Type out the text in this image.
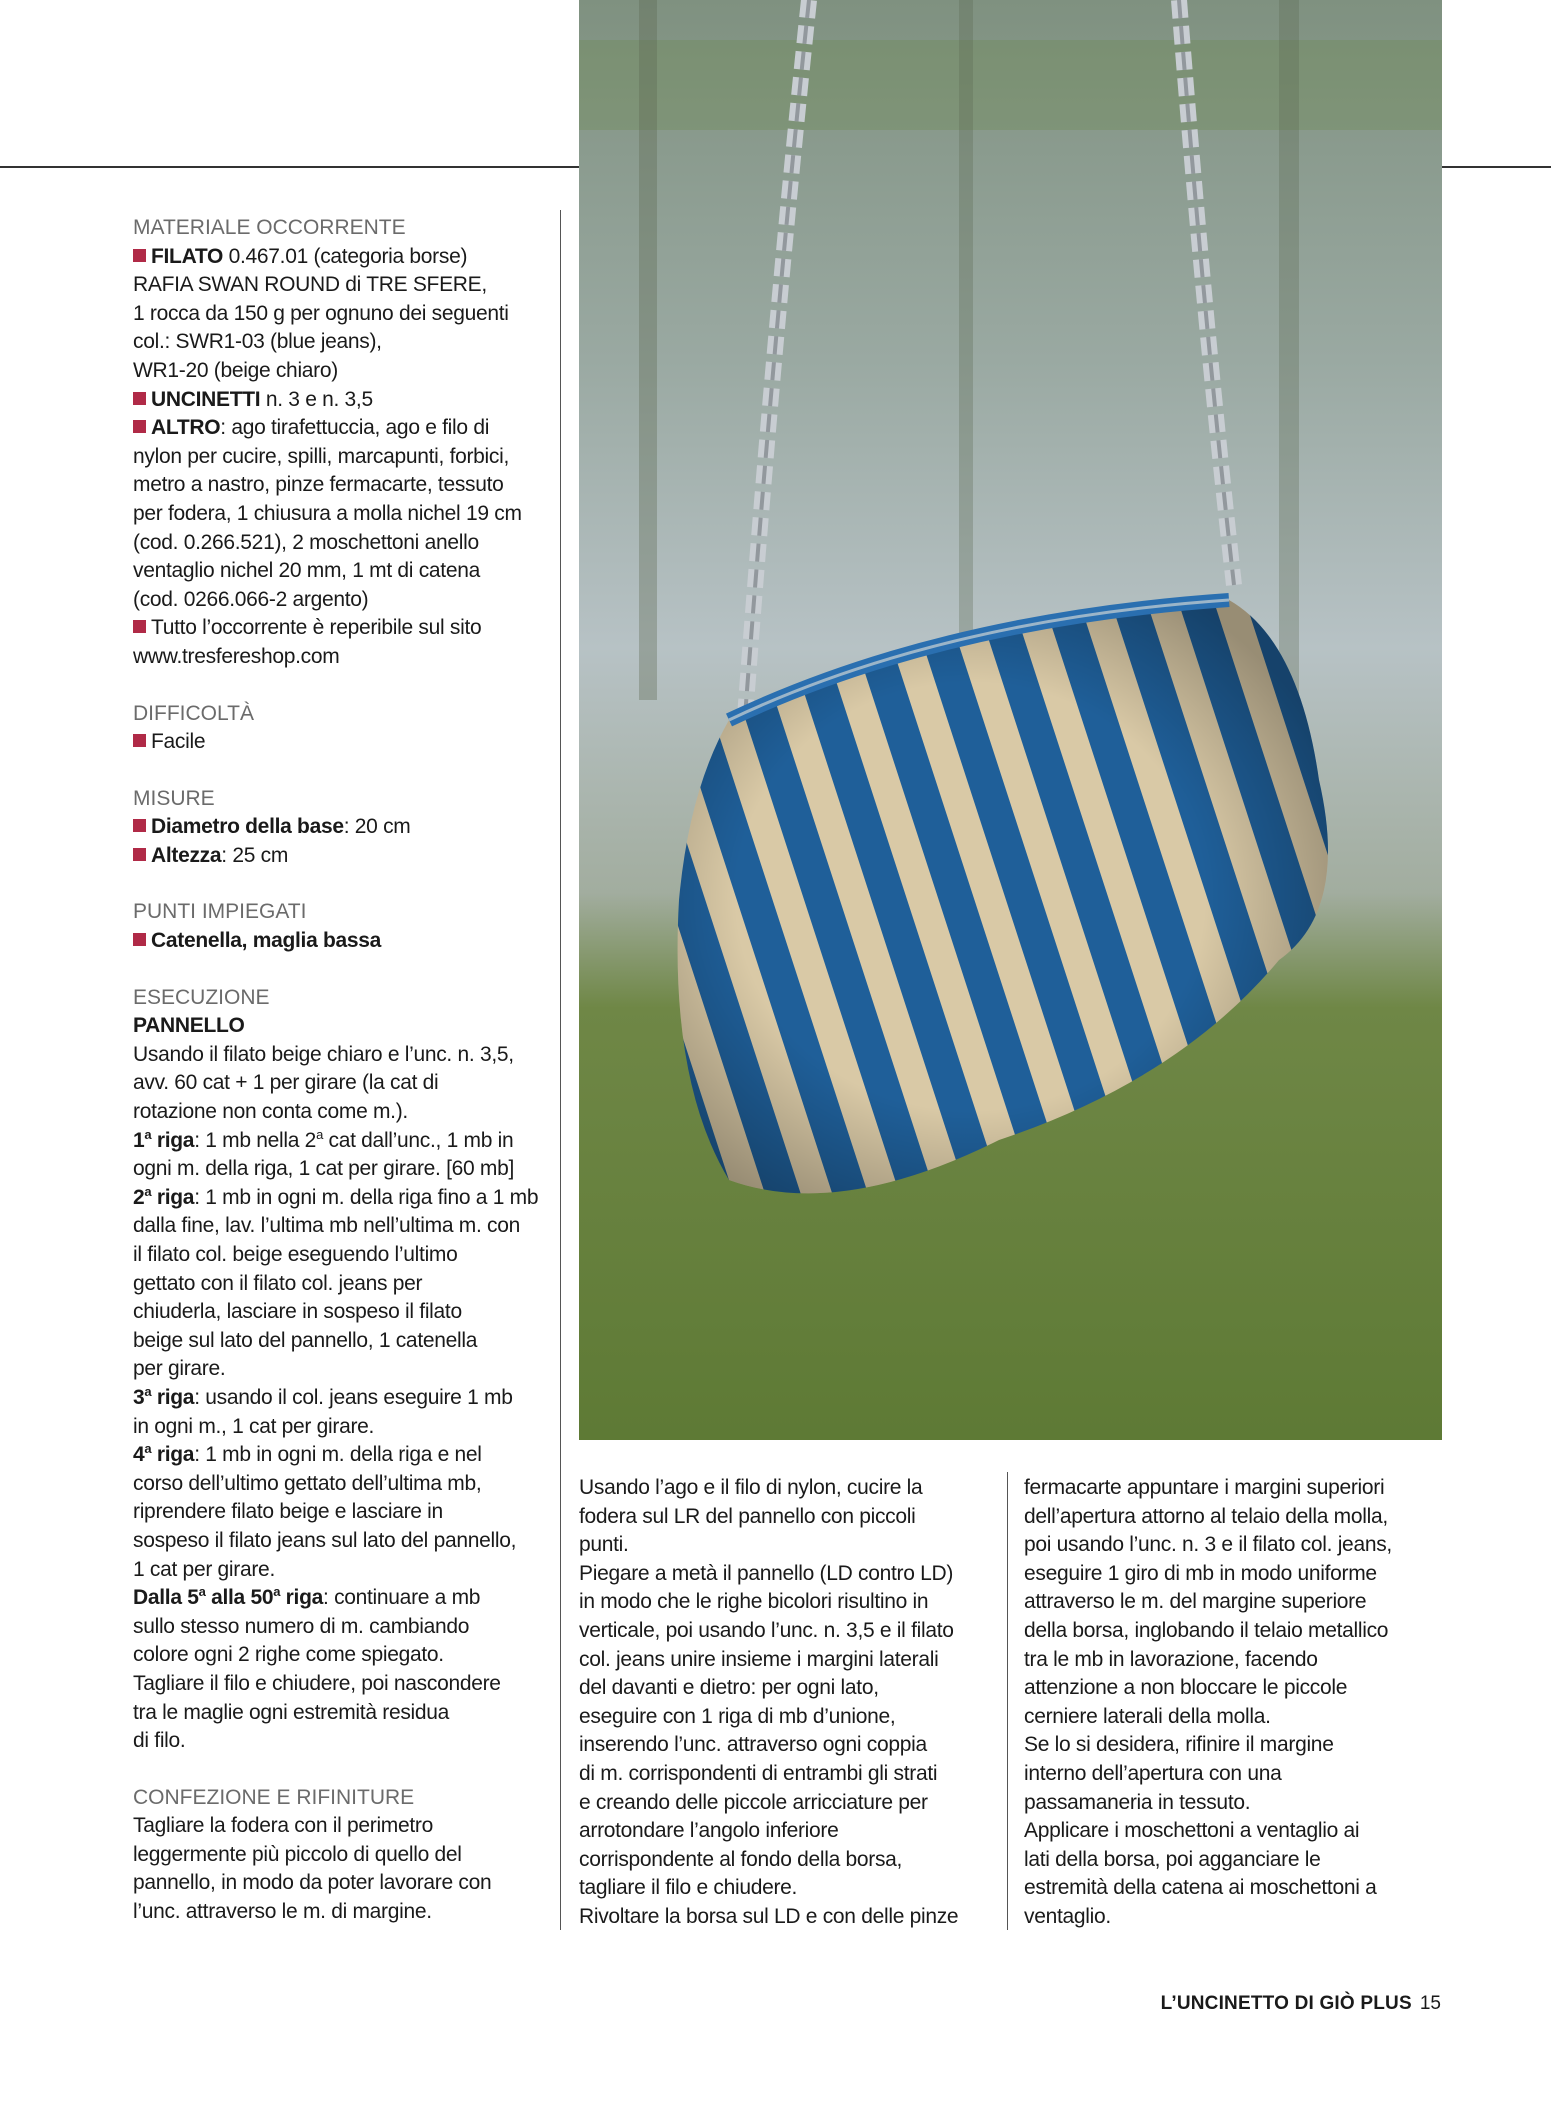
MATERIALE OCCORRENTE

FILATO 0.467.01 (categoria borse)

RAFIA SWAN ROUND di TRE SFERE,

1 rocca da 150 g per ognuno dei seguenti

col.: SWR1-03 (blue jeans),

WR1-20 (beige chiaro)

UNCINETTI n. 3 e n. 3,5

ALTRO: ago tirafettuccia, ago e filo di

nylon per cucire, spilli, marcapunti, forbici,

metro a nastro, pinze fermacarte, tessuto

per fodera, 1 chiusura a molla nichel 19 cm

(cod. 0.266.521), 2 moschettoni anello

ventaglio nichel 20 mm, 1 mt di catena

(cod. 0266.066-2 argento)

Tutto l’occorrente è reperibile sul sito

www.tresfereshop.com

DIFFICOLTÀ

Facile

MISURE

Diametro della base: 20 cm

Altezza: 25 cm

PUNTI IMPIEGATI

Catenella, maglia bassa

ESECUZIONE

PANNELLO

Usando il filato beige chiaro e l’unc. n. 3,5,

avv. 60 cat + 1 per girare (la cat di

rotazione non conta come m.).

1$^a$ riga: 1 mb nella 2$^a$ cat dall’unc., 1 mb in

ogni m. della riga, 1 cat per girare. [60 mb]

2$^a$ riga: 1 mb in ogni m. della riga fino a 1 mb

dalla fine, lav. l’ultima mb nell’ultima m. con

il filato col. beige eseguendo l’ultimo

gettato con il filato col. jeans per

chiuderla, lasciare in sospeso il filato

beige sul lato del pannello, 1 catenella

per girare.

3$^a$ riga: usando il col. jeans eseguire 1 mb

in ogni m., 1 cat per girare.

4$^a$ riga: 1 mb in ogni m. della riga e nel

corso dell’ultimo gettato dell’ultima mb,

riprendere filato beige e lasciare in

sospeso il filato jeans sul lato del pannello,

1 cat per girare.

Dalla 5$^a$ alla 50$^a$ riga: continuare a mb

sullo stesso numero di m. cambiando

colore ogni 2 righe come spiegato.

Tagliare il filo e chiudere, poi nascondere

tra le maglie ogni estremità residua

di filo.

CONFEZIONE E RIFINITURE

Tagliare la fodera con il perimetro

leggermente più piccolo di quello del

pannello, in modo da poter lavorare con

l’unc. attraverso le m. di margine.

Usando l’ago e il filo di nylon, cucire la

fodera sul LR del pannello con piccoli

punti.

Piegare a metà il pannello (LD contro LD)

in modo che le righe bicolori risultino in

verticale, poi usando l’unc. n. 3,5 e il filato

col. jeans unire insieme i margini laterali

del davanti e dietro: per ogni lato,

eseguire con 1 riga di mb d’unione,

inserendo l’unc. attraverso ogni coppia

di m. corrispondenti di entrambi gli strati

e creando delle piccole arricciature per

arrotondare l’angolo inferiore

corrispondente al fondo della borsa,

tagliare il filo e chiudere.

Rivoltare la borsa sul LD e con delle pinze

fermacarte appuntare i margini superiori

dell’apertura attorno al telaio della molla,

poi usando l’unc. n. 3 e il filato col. jeans,

eseguire 1 giro di mb in modo uniforme

attraverso le m. del margine superiore

della borsa, inglobando il telaio metallico

tra le mb in lavorazione, facendo

attenzione a non bloccare le piccole

cerniere laterali della molla.

Se lo si desidera, rifinire il margine

interno dell’apertura con una

passamaneria in tessuto.

Applicare i moschettoni a ventaglio ai

lati della borsa, poi agganciare le

estremità della catena ai moschettoni a

ventaglio.

L’UNCINETTO DI GIÒ PLUS 15
